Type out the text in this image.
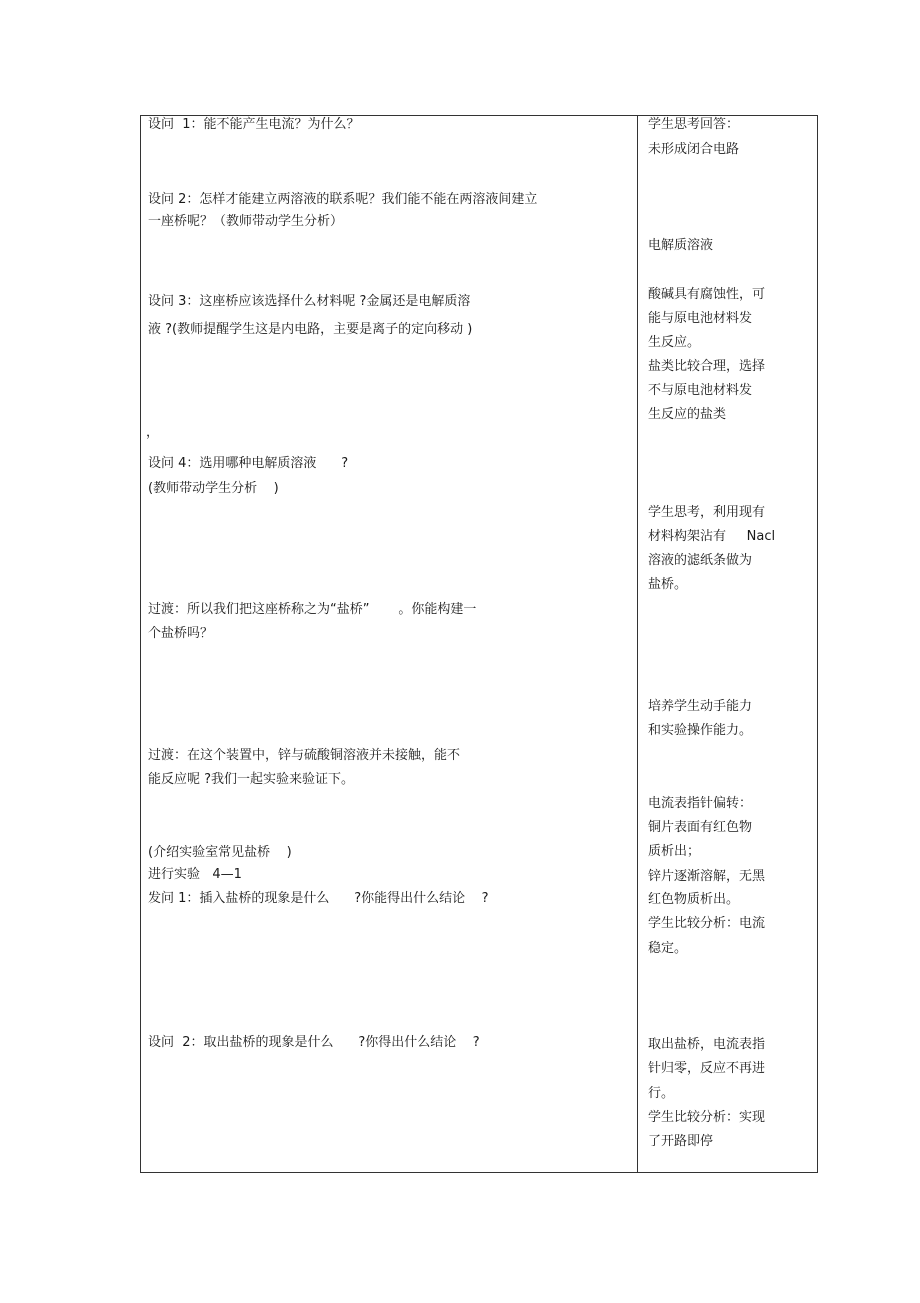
设问  1：能不能产生电流？为什么？

设问 2：怎样才能建立两溶液的联系呢？我们能不能在两溶液间建立

一座桥呢？（教师带动学生分析）

设问 3：这座桥应该选择什么材料呢 ?金属还是电解质溶

液 ?(教师提醒学生这是内电路，主要是离子的定向移动 )

，

设问 4：选用哪种电解质溶液      ?

(教师带动学生分析    )

过渡：所以我们把这座桥称之为“盐桥”       。你能构建一

个盐桥吗？

过渡：在这个装置中，锌与硫酸铜溶液并未接触，能不

能反应呢 ?我们一起实验来验证下。

(介绍实验室常见盐桥    )

进行实验   4—1

发问 1：插入盐桥的现象是什么      ?你能得出什么结论    ?

设问  2：取出盐桥的现象是什么      ?你得出什么结论    ?

学生思考回答：

未形成闭合电路

电解质溶液

酸碱具有腐蚀性，可

能与原电池材料发

生反应。

盐类比较合理，选择

不与原电池材料发

生反应的盐类

学生思考，利用现有

材料构架沾有     Nacl

溶液的滤纸条做为

盐桥。

培养学生动手能力

和实验操作能力。

电流表指针偏转：

铜片表面有红色物

质析出；

锌片逐渐溶解，无黑

红色物质析出。

学生比较分析：电流

稳定。

取出盐桥，电流表指

针归零，反应不再进

行。

学生比较分析：实现

了开路即停
